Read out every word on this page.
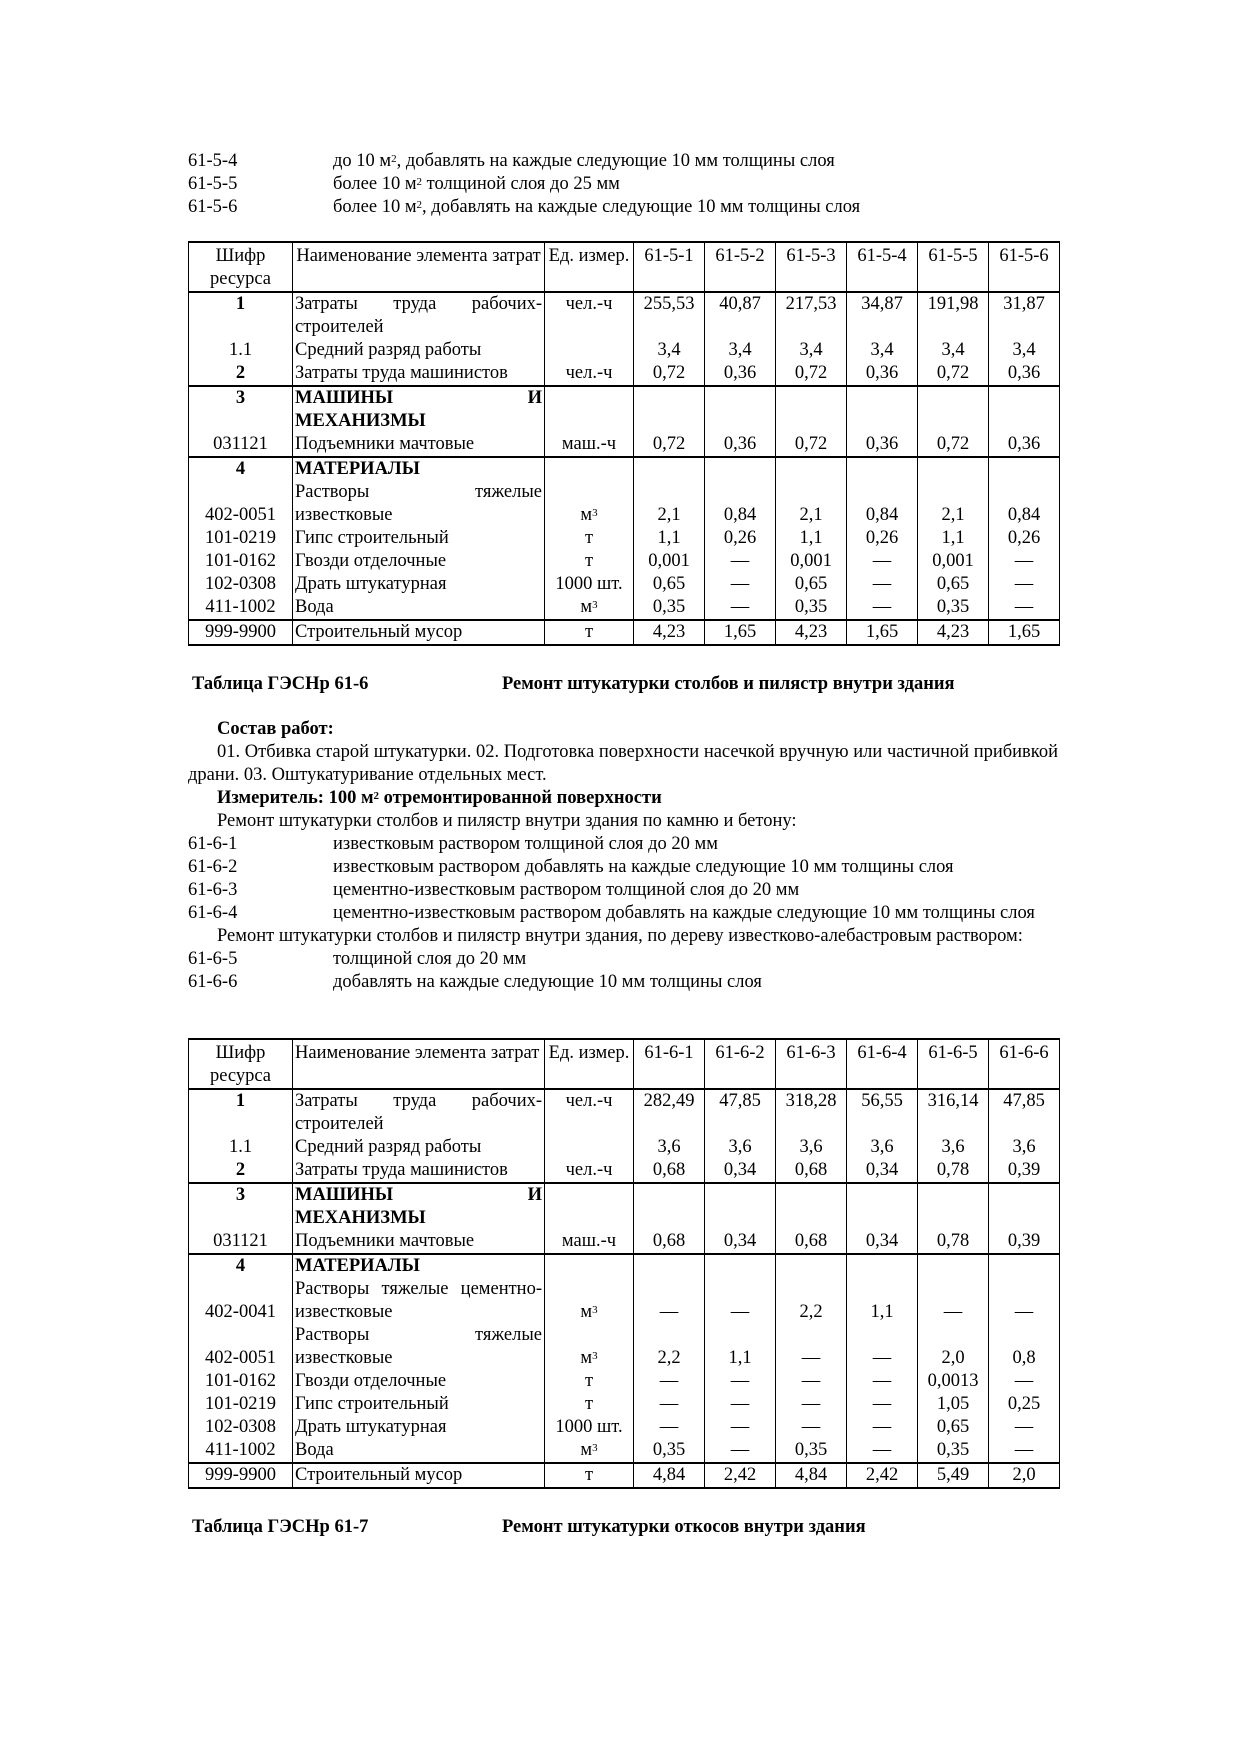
61-5-4	до 10 $м^2$, добавлять на каждые следующие 10 мм толщины слоя
61-5-5	более 10 $м^2$ толщиной слоя до 25 мм
61-5-6	более 10 $м^2$, добавлять на каждые следующие 10 мм толщины слоя
Шифр ресурса	Наименование элемента затрат	Ед. измер.	61-5-1	61-5-2	61-5-3	61-5-4	61-5-5	61-5-6
1	Затраты труда рабочих-строителей	чел.-ч	255,53	40,87	217,53	34,87	191,98	31,87
1.1	Средний разряд работы		3,4	3,4	3,4	3,4	3,4	3,4
2	Затраты труда машинистов	чел.-ч	0,72	0,36	0,72	0,36	0,72	0,36
3	МАШИНЫ И МЕХАНИЗМЫ							
031121	Подъемники мачтовые	маш.-ч	0,72	0,36	0,72	0,36	0,72	0,36
4	МАТЕРИАЛЫ							
402-0051	Растворы тяжелые известковые	$м^3$	2,1	0,84	2,1	0,84	2,1	0,84
101-0219	Гипс строительный	т	1,1	0,26	1,1	0,26	1,1	0,26
101-0162	Гвозди отделочные	т	0,001	—	0,001	—	0,001	—
102-0308	Драть штукатурная	1000 шт.	0,65	—	0,65	—	0,65	—
411-1002	Вода	$м^3$	0,35	—	0,35	—	0,35	—
999-9900	Строительный мусор	т	4,23	1,65	4,23	1,65	4,23	1,65
Таблица ГЭСНр 61-6	Ремонт штукатурки столбов и пилястр внутри здания
Состав работ:
01. Отбивка старой штукатурки. 02. Подготовка поверхности насечкой вручную или частичной прибивкой драни. 03. Оштукатуривание отдельных мест.
Измеритель: 100 $м^2$ отремонтированной поверхности
Ремонт штукатурки столбов и пилястр внутри здания по камню и бетону:
61-6-1	известковым раствором толщиной слоя до 20 мм
61-6-2	известковым раствором добавлять на каждые следующие 10 мм толщины слоя
61-6-3	цементно-известковым раствором толщиной слоя до 20 мм
61-6-4	цементно-известковым раствором добавлять на каждые следующие 10 мм толщины слоя
Ремонт штукатурки столбов и пилястр внутри здания, по дереву известково-алебастровым раствором:
61-6-5	толщиной слоя до 20 мм
61-6-6	добавлять на каждые следующие 10 мм толщины слоя
Шифр ресурса	Наименование элемента затрат	Ед. измер.	61-6-1	61-6-2	61-6-3	61-6-4	61-6-5	61-6-6
1	Затраты труда рабочих-строителей	чел.-ч	282,49	47,85	318,28	56,55	316,14	47,85
1.1	Средний разряд работы		3,6	3,6	3,6	3,6	3,6	3,6
2	Затраты труда машинистов	чел.-ч	0,68	0,34	0,68	0,34	0,78	0,39
3	МАШИНЫ И МЕХАНИЗМЫ							
031121	Подъемники мачтовые	маш.-ч	0,68	0,34	0,68	0,34	0,78	0,39
4	МАТЕРИАЛЫ							
402-0041	Растворы тяжелые цементно-известковые	$м^3$	—	—	2,2	1,1	—	—
402-0051	Растворы тяжелые известковые	$м^3$	2,2	1,1	—	—	2,0	0,8
101-0162	Гвозди отделочные	т	—	—	—	—	0,0013	—
101-0219	Гипс строительный	т	—	—	—	—	1,05	0,25
102-0308	Драть штукатурная	1000 шт.	—	—	—	—	0,65	—
411-1002	Вода	$м^3$	0,35	—	0,35	—	0,35	—
999-9900	Строительный мусор	т	4,84	2,42	4,84	2,42	5,49	2,0
Таблица ГЭСНр 61-7	Ремонт штукатурки откосов внутри здания
